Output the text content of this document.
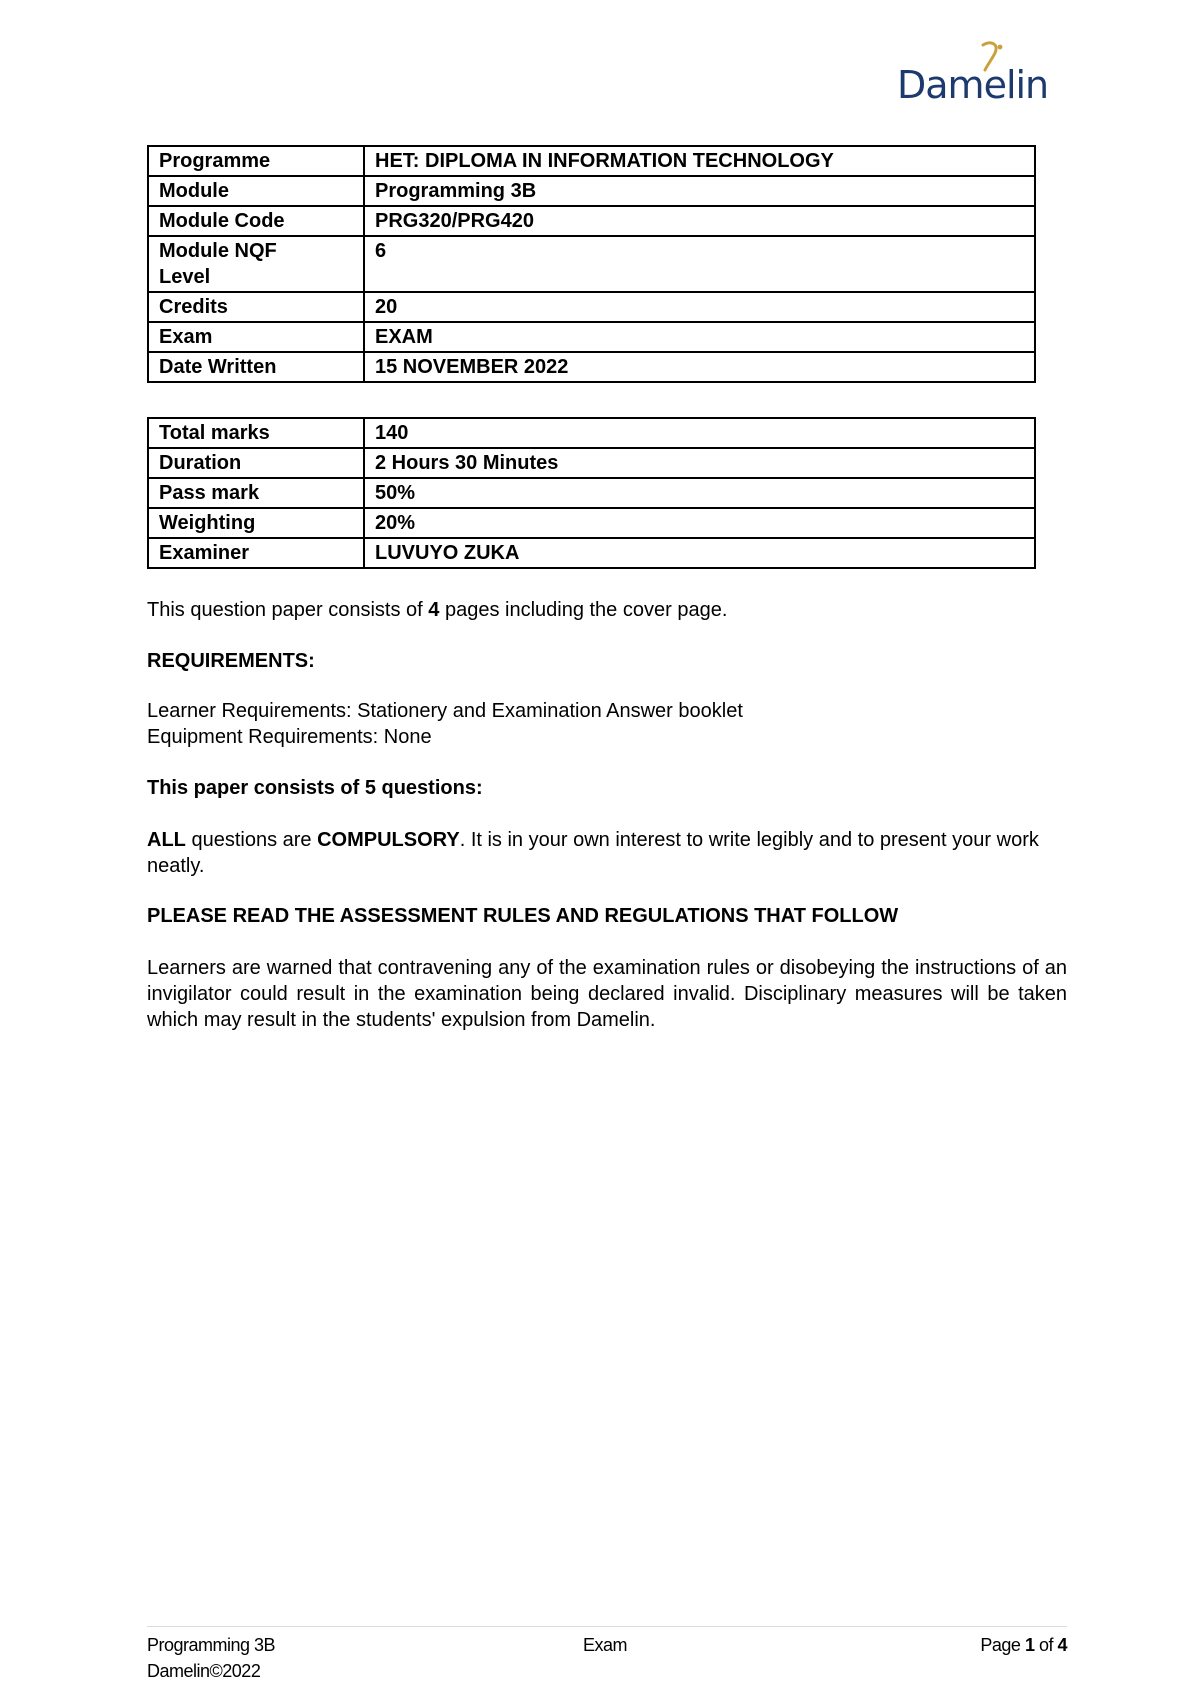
Damelin
Programme	HET: DIPLOMA IN INFORMATION TECHNOLOGY
Module	Programming 3B
Module Code	PRG320/PRG420
Module NQF
Level	6
Credits	20
Exam	EXAM
Date Written	15 NOVEMBER 2022
Total marks	140
Duration	2 Hours 30 Minutes
Pass mark	50%
Weighting	20%
Examiner	LUVUYO ZUKA

This question paper consists of 4 pages including the cover page.

REQUIREMENTS:

Learner Requirements: Stationery and Examination Answer booklet

Equipment Requirements: None

This paper consists of 5 questions:

ALL questions are COMPULSORY. It is in your own interest to write legibly and to present your work neatly.

PLEASE READ THE ASSESSMENT RULES AND REGULATIONS THAT FOLLOW
Learners are warned that contravening any of the examination rules or disobeying the instructions of an invigilator could result in the examination being declared invalid. Disciplinary measures will be taken which may result in the students' expulsion from Damelin.
Programming 3B	Exam	Page 1 of 4
Damelin©2022
